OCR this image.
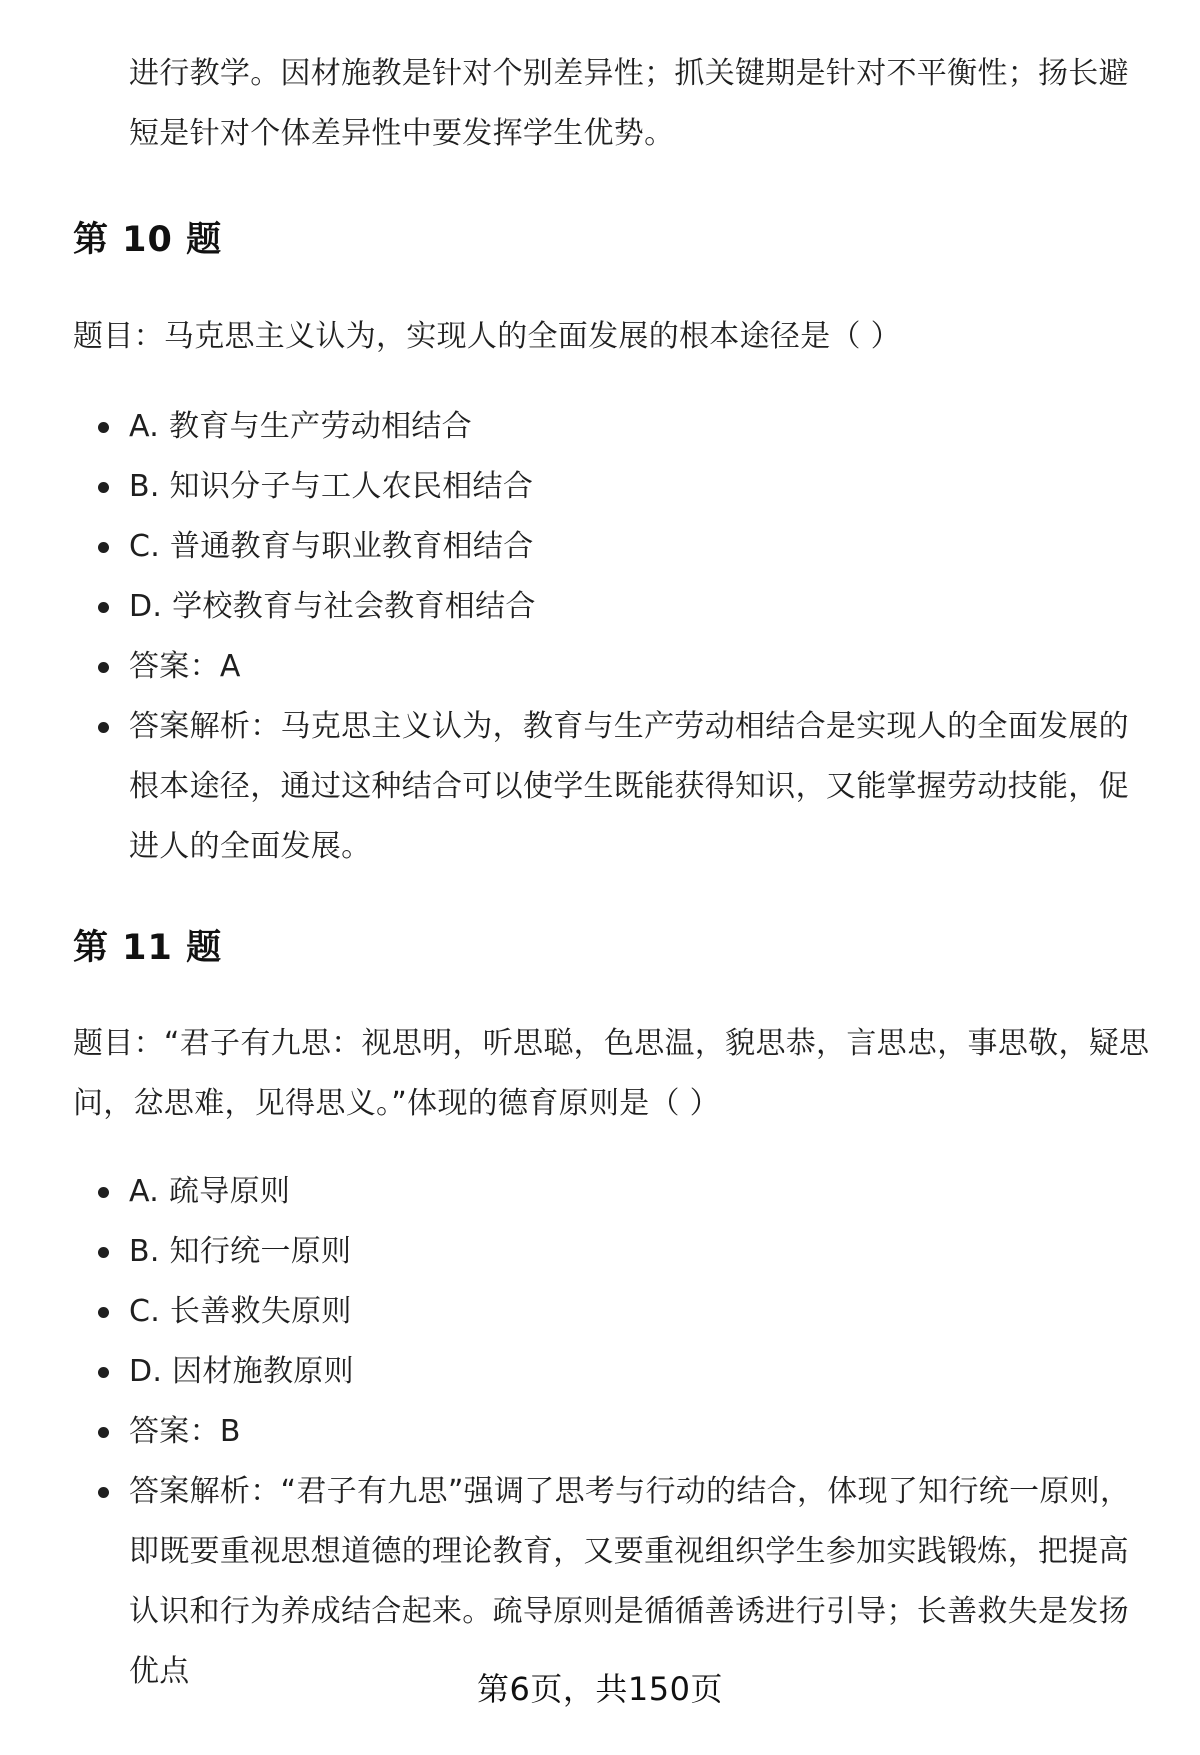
进行教学。因材施教是针对个别差异性；抓关键期是针对不平衡性；扬长避短是针对个体差异性中要发挥学生优势。

第 10 题

题目：马克思主义认为，实现人的全面发展的根本途径是（ ）

A. 教育与生产劳动相结合
B. 知识分子与工人农民相结合
C. 普通教育与职业教育相结合
D. 学校教育与社会教育相结合
答案：A
答案解析：马克思主义认为，教育与生产劳动相结合是实现人的全面发展的根本途径，通过这种结合可以使学生既能获得知识，又能掌握劳动技能，促进人的全面发展。
第 11 题

题目：“君子有九思：视思明，听思聪，色思温，貌思恭，言思忠，事思敬，疑思问，忿思难，见得思义。”体现的德育原则是（ ）

A. 疏导原则
B. 知行统一原则
C. 长善救失原则
D. 因材施教原则
答案：B
答案解析：“君子有九思”强调了思考与行动的结合，体现了知行统一原则，即既要重视思想道德的理论教育，又要重视组织学生参加实践锻炼，把提高认识和行为养成结合起来。疏导原则是循循善诱进行引导；长善救失是发扬优点	第6页，共150页
